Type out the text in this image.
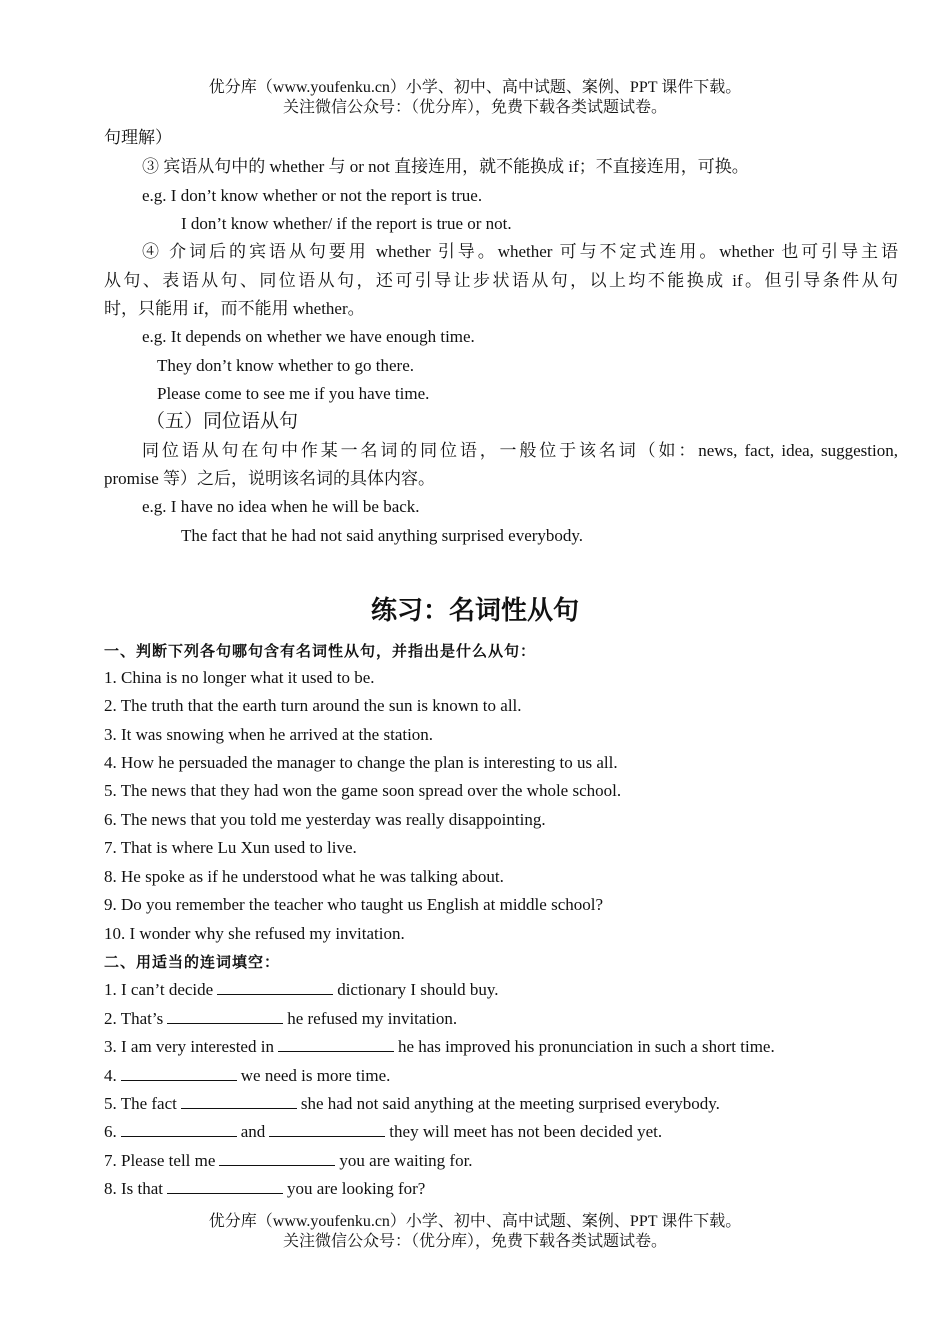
优分库（www.youfenku.cn）小学、初中、高中试题、案例、PPT 课件下载。
关注微信公众号：（优分库），免费下载各类试题试卷。
句理解）
③ 宾语从句中的 whether 与 or not 直接连用，就不能换成 if；不直接连用，可换。
e.g. I don’t know whether or not the report is true.
I don’t know whether/ if the report is true or not.
④ 介词后的宾语从句要用 whether 引导。whether 可与不定式连用。whether 也可引导主语
从句、表语从句、同位语从句，还可引导让步状语从句，以上均不能换成 if。但引导条件从句
时，只能用 if，而不能用 whether。
e.g. It depends on whether we have enough time.
They don’t know whether to go there.
Please come to see me if you have time.
（五）同位语从句
同位语从句在句中作某一名词的同位语，一般位于该名词（如：news, fact, idea, suggestion,
promise 等）之后，说明该名词的具体内容。
e.g. I have no idea when he will be back.
The fact that he had not said anything surprised everybody.
练习：名词性从句
一、判断下列各句哪句含有名词性从句，并指出是什么从句：
1. China is no longer what it used to be.
2. The truth that the earth turn around the sun is known to all.
3. It was snowing when he arrived at the station.
4. How he persuaded the manager to change the plan is interesting to us all.
5. The news that they had won the game soon spread over the whole school.
6. The news that you told me yesterday was really disappointing.
7. That is where Lu Xun used to live.
8. He spoke as if he understood what he was talking about.
9. Do you remember the teacher who taught us English at middle school?
10. I wonder why she refused my invitation.
二、用适当的连词填空：
1. I can’t decide	dictionary I should buy.
2. That’s	he refused my invitation.
3. I am very interested in	he has improved his pronunciation in such a short time.
4.	we need is more time.
5. The fact	she had not said anything at the meeting surprised everybody.
6.	and	they will meet has not been decided yet.
7. Please tell me	you are waiting for.
8. Is that	you are looking for?
优分库（www.youfenku.cn）小学、初中、高中试题、案例、PPT 课件下载。
关注微信公众号：（优分库），免费下载各类试题试卷。
